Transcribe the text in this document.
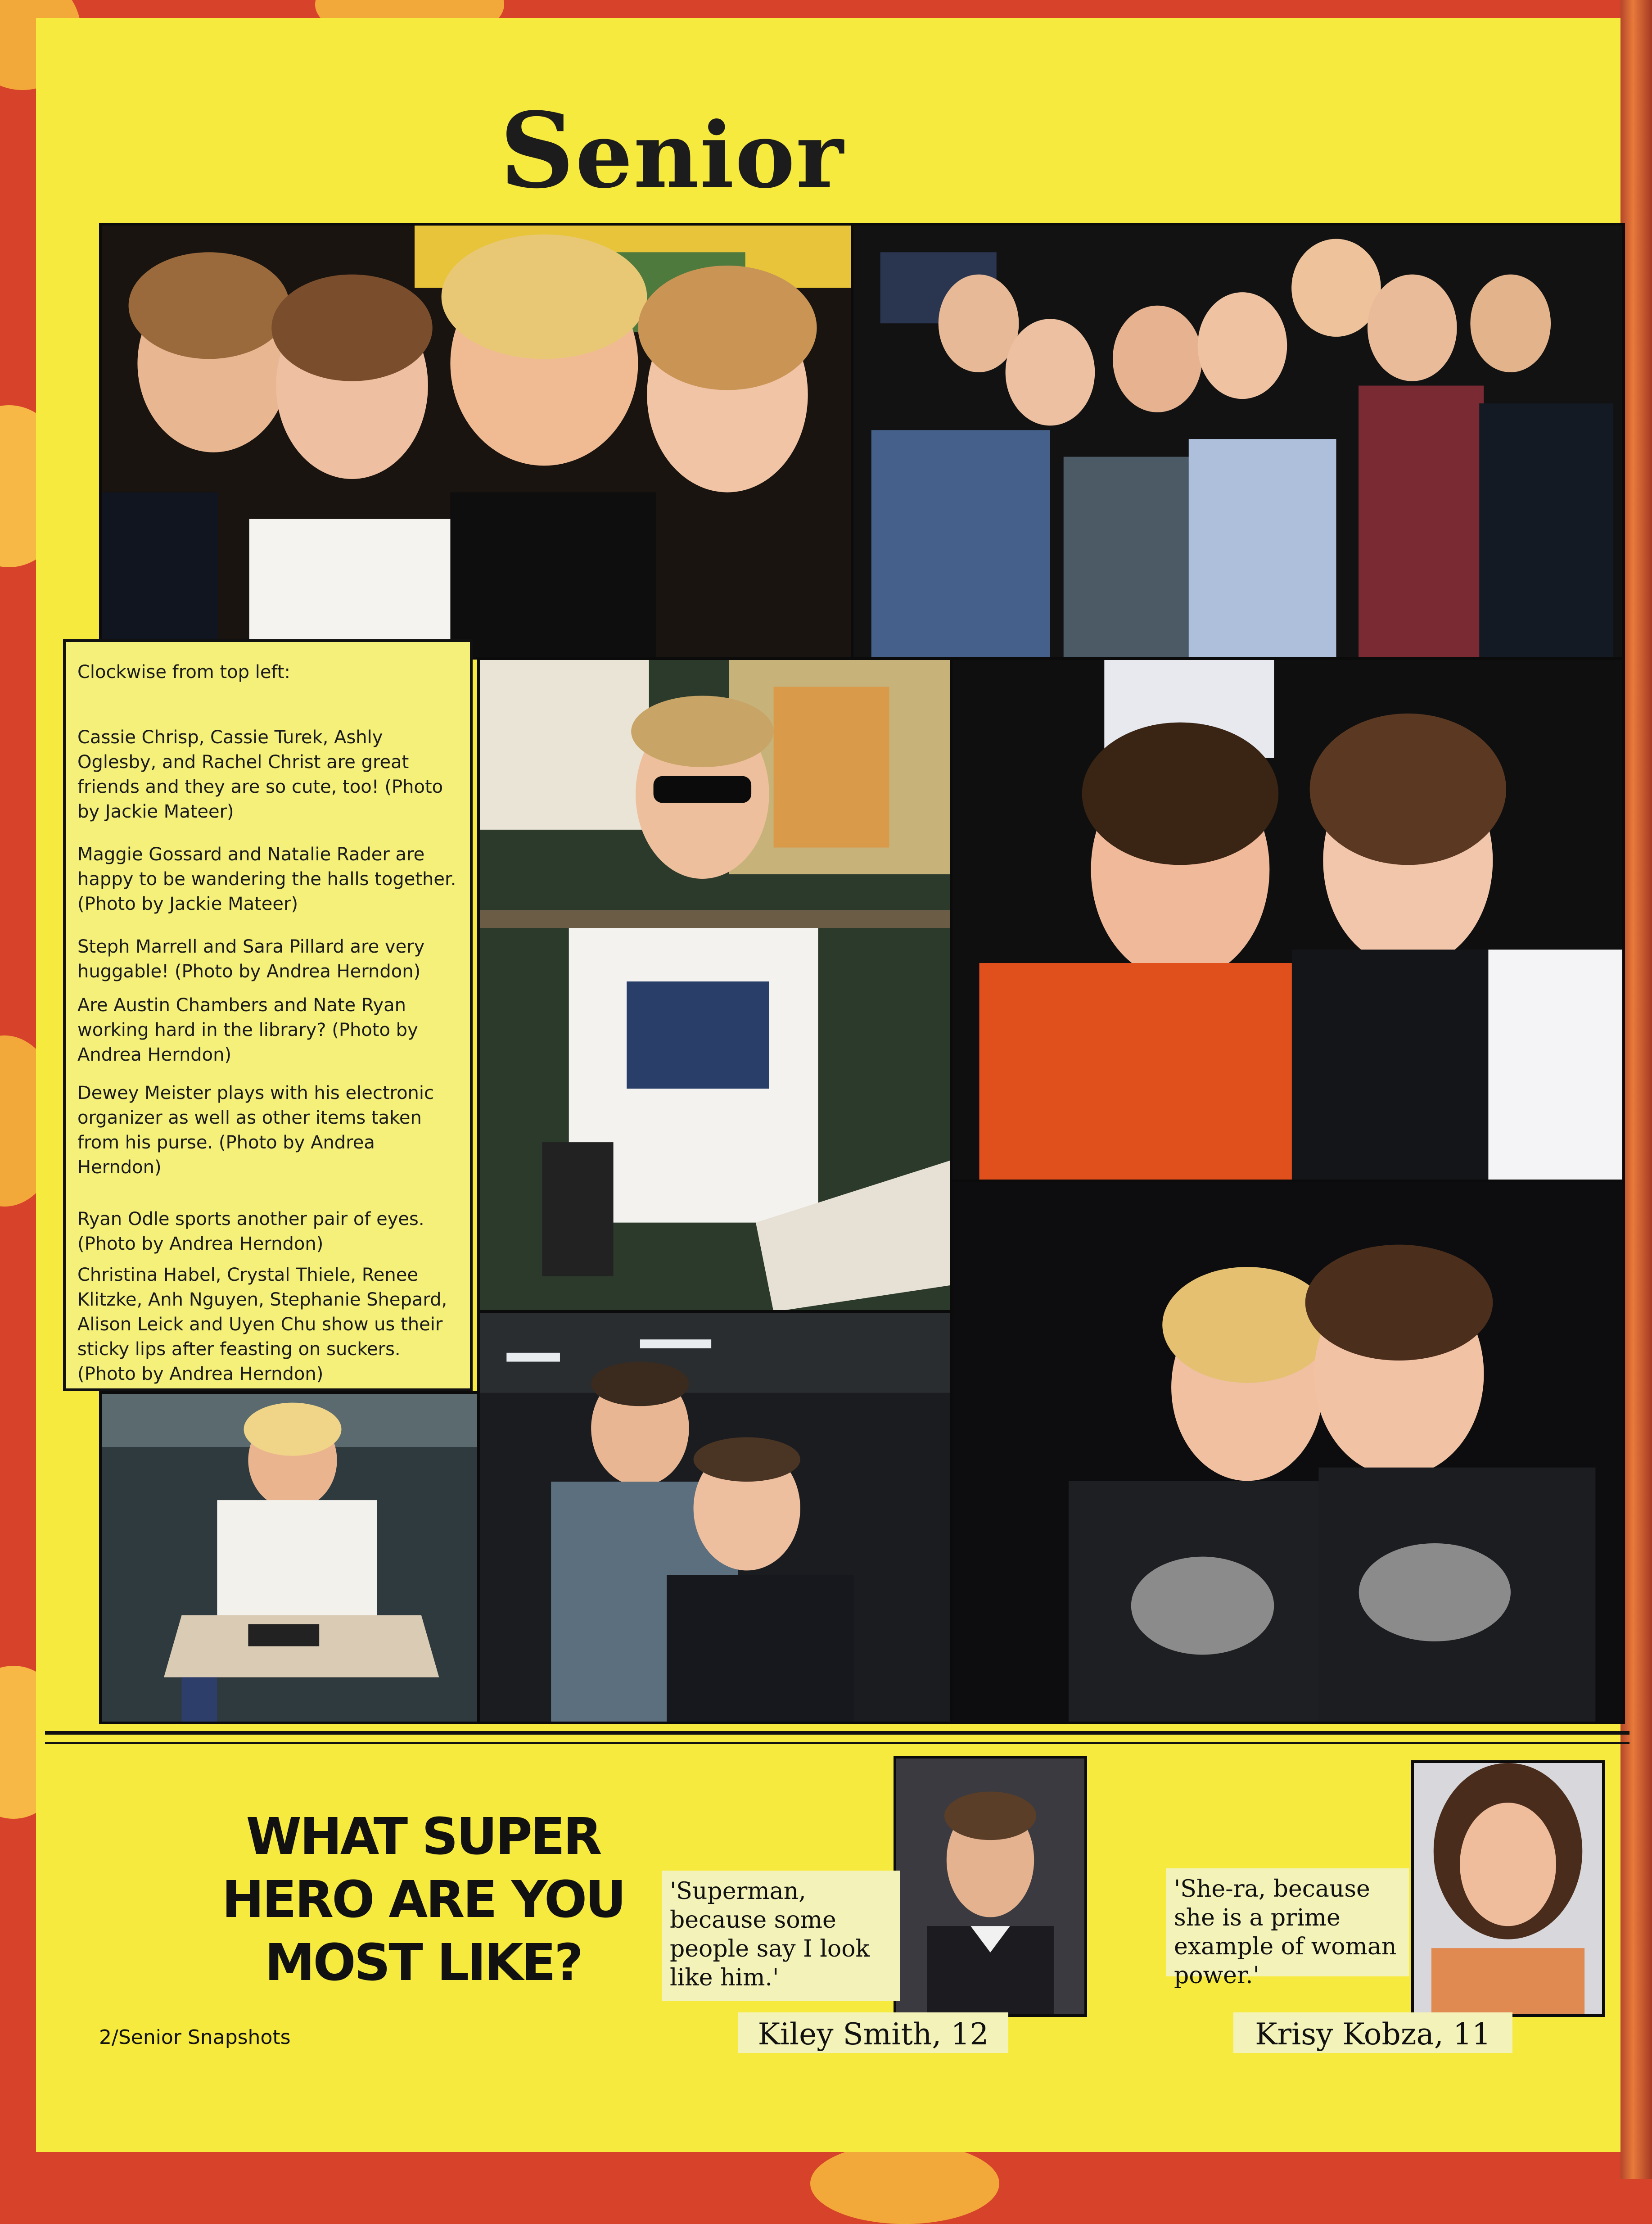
Senior

Clockwise from top left:

Cassie Chrisp, Cassie Turek, Ashly Oglesby, and Rachel Christ are great friends and they are so cute, too! (Photo by Jackie Mateer)

Maggie Gossard and Natalie Rader are happy to be wandering the halls together. (Photo by Jackie Mateer)

Steph Marrell and Sara Pillard are very huggable! (Photo by Andrea Herndon)

Are Austin Chambers and Nate Ryan working hard in the library? (Photo by Andrea Herndon)

Dewey Meister plays with his electronic organizer as well as other items taken from his purse. (Photo by Andrea Herndon)

Ryan Odle sports another pair of eyes. (Photo by Andrea Herndon)

Christina Habel, Crystal Thiele, Renee Klitzke, Anh Nguyen, Stephanie Shepard, Alison Leick and Uyen Chu show us their sticky lips after feasting on suckers. (Photo by Andrea Herndon)

WHAT SUPER HERO ARE YOU MOST LIKE?
'Superman, because some people say I look like him.'
Kiley Smith, 12
'She-ra, because she is a prime example of woman power.'
Krisy Kobza, 11
2/Senior Snapshots
